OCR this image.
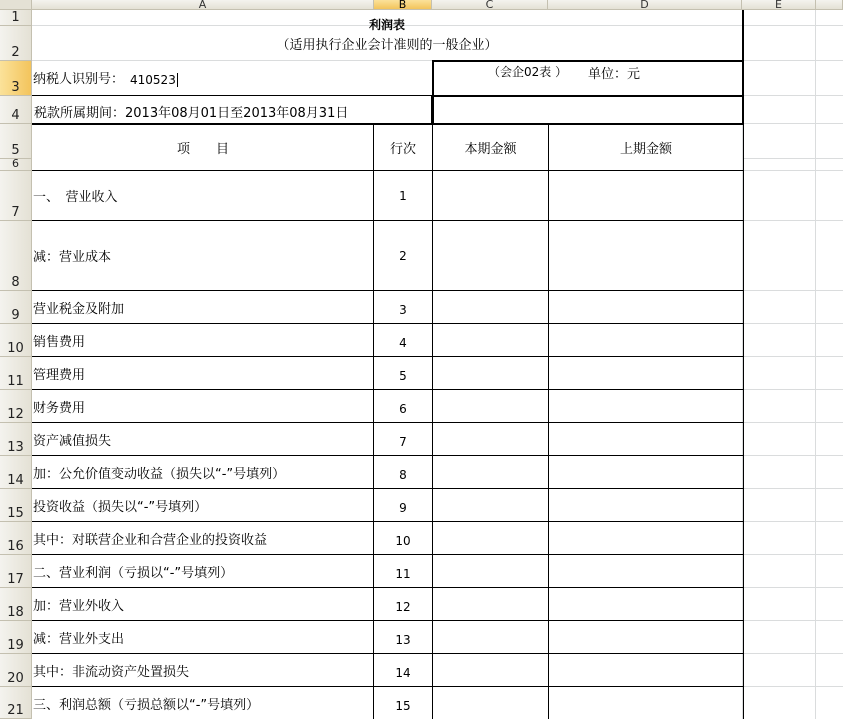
A	B	C	D	E
1
2
3
4
5
6
7
8
9
10
11
12
13
14
15
16
17
18
19
20
21
利润表
（适用执行企业会计准则的一般企业）
纳税人识别号： 410523
（会企02表 ） 单位：元
税款所属期间：2013年08月01日至2013年08月31日
项　　目	行次	本期金额	上期金额
一、　营业收入	1
减：营业成本	2
营业税金及附加	3
销售费用	4
管理费用	5
财务费用	6
资产减值损失	7
加：公允价值变动收益（损失以“-”号填列）	8
投资收益（损失以“-”号填列）	9
其中：对联营企业和合营企业的投资收益	10
二、营业利润（亏损以“-”号填列）	11
加：营业外收入	12
减：营业外支出	13
其中：非流动资产处置损失	14
三、利润总额（亏损总额以“-”号填列）	15
